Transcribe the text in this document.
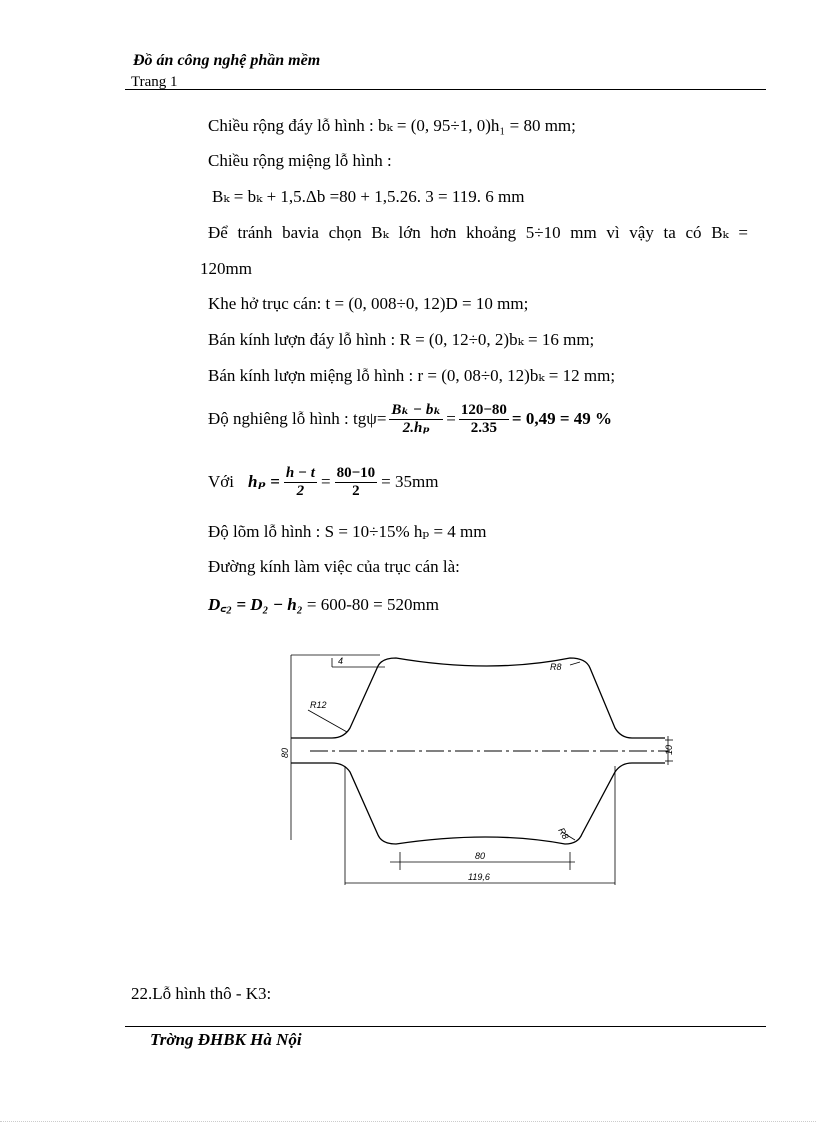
Đồ án công nghệ phần mềm
Trang 1
Chiều rộng đáy lỗ hình : bₖ = (0, 95÷1, 0)h₁ = 80 mm;
Chiều rộng miệng lỗ hình :
Bₖ = bₖ + 1,5.Δb =80 + 1,5.26. 3 = 119. 6 mm
Để tránh bavia chọn Bₖ lớn hơn khoảng 5÷10 mm vì vậy ta có Bₖ =
120mm
Khe hở trục cán: t = (0, 008÷0, 12)D = 10 mm;
Bán kính lượn đáy lỗ hình : R = (0, 12÷0, 2)bₖ = 16 mm;
Bán kính lượn miệng lỗ hình : r = (0, 08÷0, 12)bₖ = 12 mm;
Độ nghiêng lỗ hình : $tg\psi= \frac{\text{Bₖ − bₖ}}{\text{2.hₚ}} = \frac{120-80}{2.35} = 0,49 = 49$ %
Với $h_p = \frac{h - t}{2} = \frac{80-10}{2} = 35mm$
Độ lõm lỗ hình : S = 10÷15% hₚ = 4 mm
Đường kính làm việc của trục cán là:
D꜀₂ = D₂ − h₂ = 600-80 = 520mm
4
R8
R12
80	10
R8
80
119,6
22.Lỗ hình thô - K3:
Trờng ĐHBK Hà Nội
